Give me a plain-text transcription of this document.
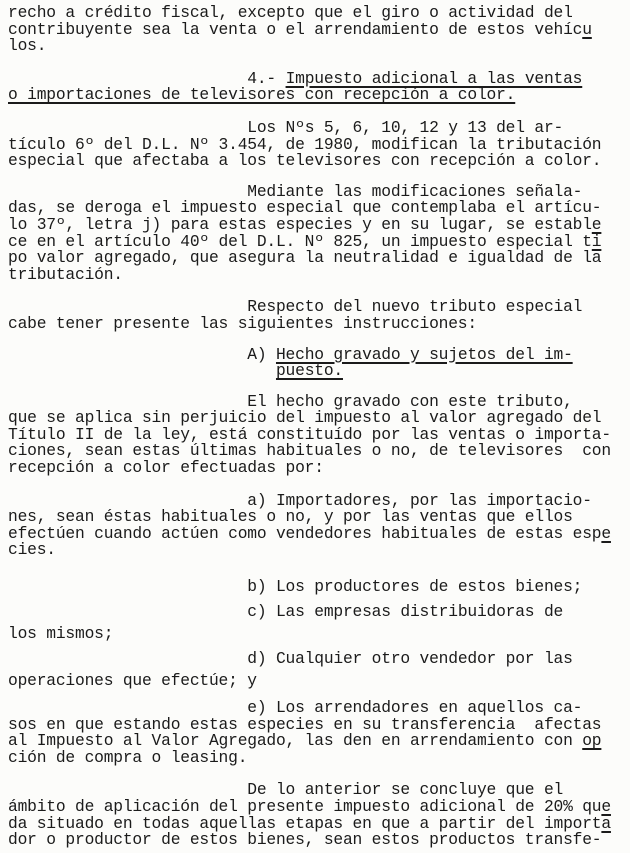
recho a crédito fiscal, excepto que el giro o actividad del
contribuyente sea la venta o el arrendamiento de estos vehícu
los.
4.- Impuesto adicional a las ventas
o importaciones de televisores con recepción a color.
Los Nºs 5, 6, 10, 12 y 13 del ar-
tículo 6º del D.L. Nº 3.454, de 1980, modifican la tributación
especial que afectaba a los televisores con recepción a color.
Mediante las modificaciones señala-
das, se deroga el impuesto especial que contemplaba el artícu-
lo 37º, letra j) para estas especies y en su lugar, se estable
ce en el artículo 40º del D.L. Nº 825, un impuesto especial ti
po valor agregado, que asegura la neutralidad e igualdad de la
tributación.
Respecto del nuevo tributo especial
cabe tener presente las siguientes instrucciones:
A) Hecho gravado y sujetos del im-
puesto.
El hecho gravado con este tributo,
que se aplica sin perjuicio del impuesto al valor agregado del
Título II de la ley, está constituído por las ventas o importa-
ciones, sean estas últimas habituales o no, de televisores  con
recepción a color efectuadas por:
a) Importadores, por las importacio-
nes, sean éstas habituales o no, y por las ventas que ellos
efectúen cuando actúen como vendedores habituales de estas espe
cies.
b) Los productores de estos bienes;
c) Las empresas distribuidoras de
los mismos;
d) Cualquier otro vendedor por las
operaciones que efectúe; y
e) Los arrendadores en aquellos ca-
sos en que estando estas especies en su transferencia  afectas
al Impuesto al Valor Agregado, las den en arrendamiento con op
ción de compra o leasing.
De lo anterior se concluye que el
ámbito de aplicación del presente impuesto adicional de 20% que
da situado en todas aquellas etapas en que a partir del importa
dor o productor de estos bienes, sean estos productos transfe-
